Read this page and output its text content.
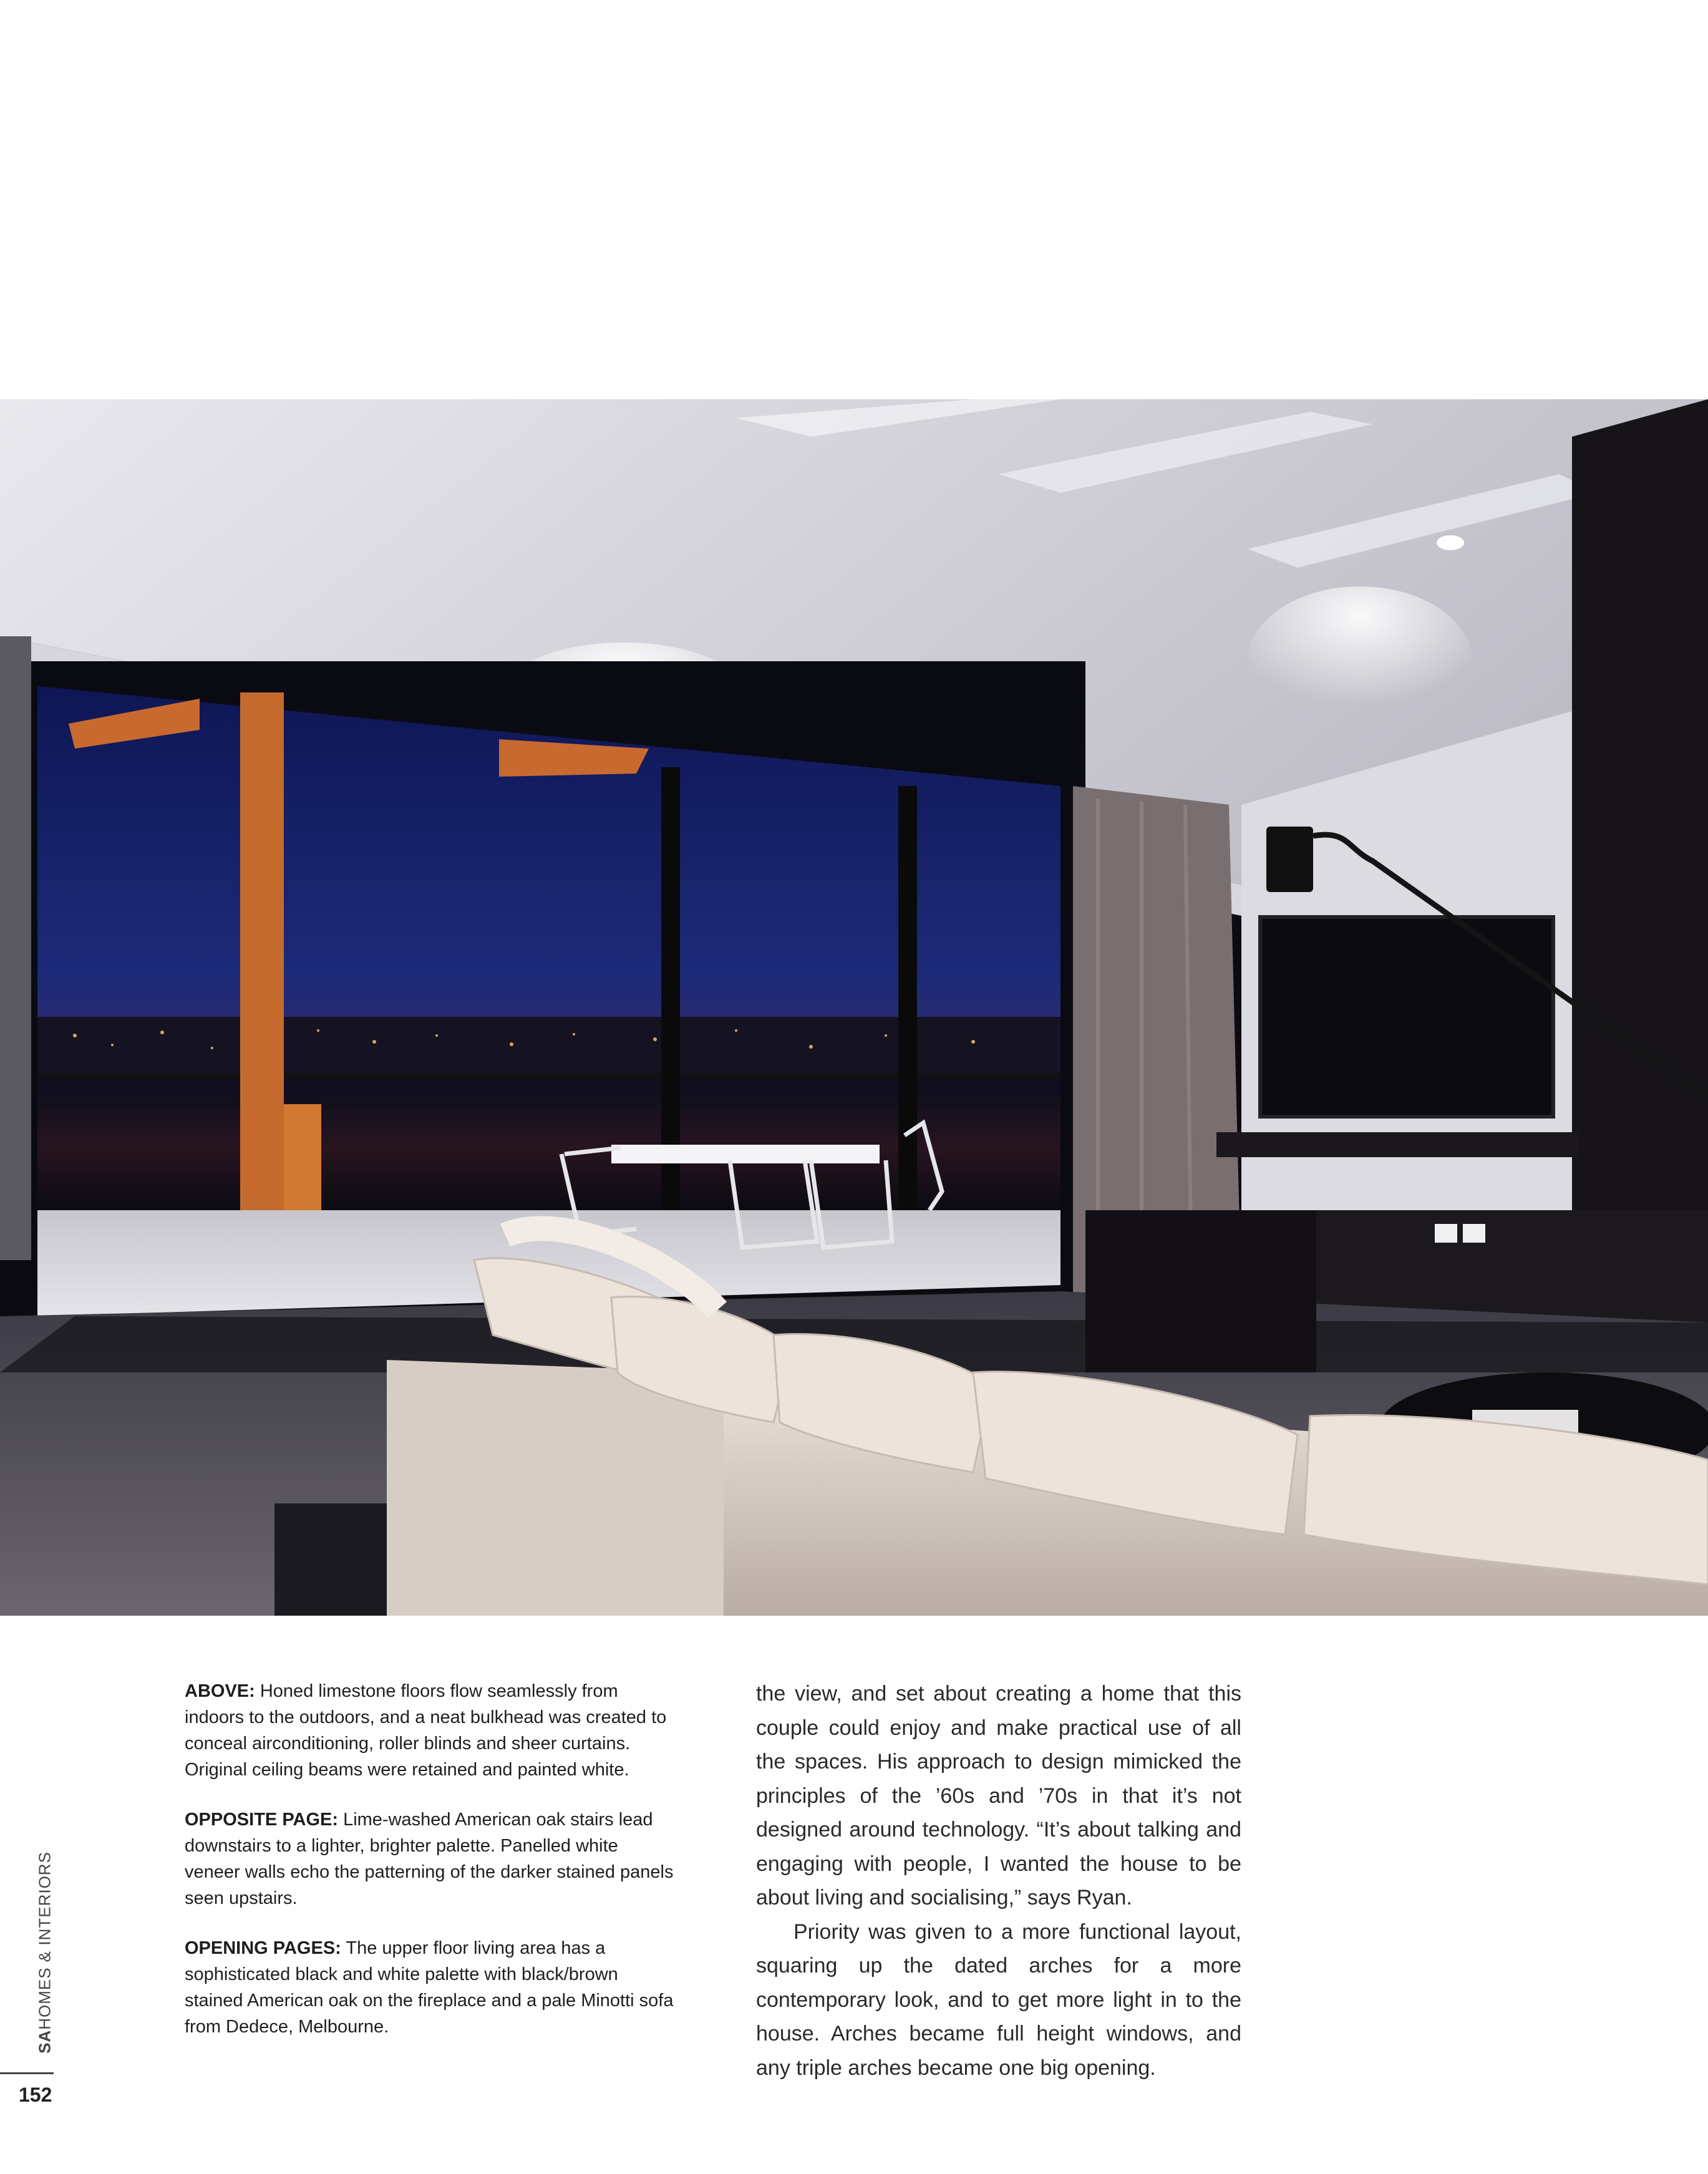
ABOVE: Honed limestone floors flow seamlessly from indoors to the outdoors, and a neat bulkhead was created to conceal airconditioning, roller blinds and sheer curtains. Original ceiling beams were retained and painted white.

OPPOSITE PAGE: Lime-washed American oak stairs lead downstairs to a lighter, brighter palette. Panelled white veneer walls echo the patterning of the darker stained panels seen upstairs.

OPENING PAGES: The upper floor living area has a sophisticated black and white palette with black/brown stained American oak on the fireplace and a pale Minotti sofa from Dedece, Melbourne.

the view, and set about creating a home that this couple could enjoy and make practical use of all the spaces. His approach to design mimicked the principles of the ’60s and ’70s in that it’s not designed around technology. “It’s about talking and engaging with people, I wanted the house to be about living and socialising,” says Ryan.

Priority was given to a more functional layout, squaring up the dated arches for a more contemporary look, and to get more light in to the house. Arches became full height windows, and any triple arches became one big opening.

SAHOMES & INTERIORS
152
